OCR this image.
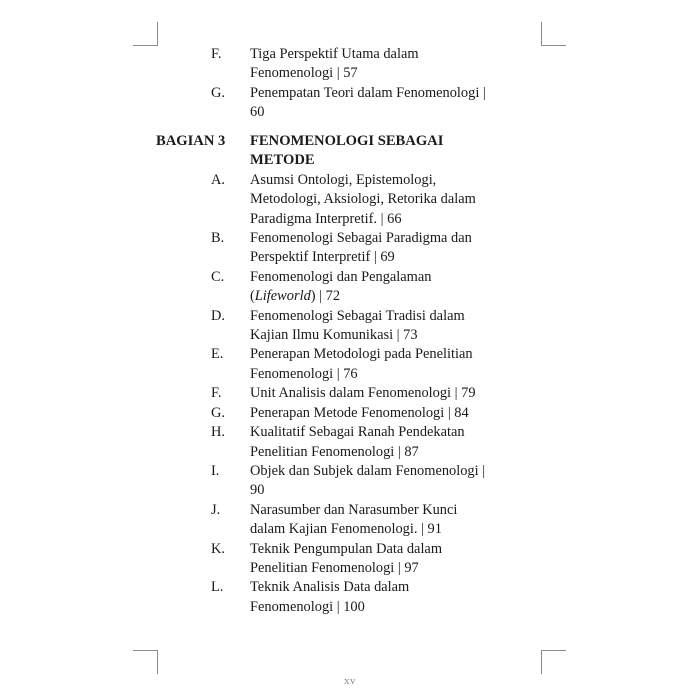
F. Tiga Perspektif Utama dalam Fenomenologi | 57
G. Penempatan Teori dalam Fenomenologi | 60
BAGIAN 3 FENOMENOLOGI SEBAGAI METODE
A. Asumsi Ontologi, Epistemologi, Metodologi, Aksiologi, Retorika dalam Paradigma Interpretif. | 66
B. Fenomenologi Sebagai Paradigma dan Perspektif Interpretif | 69
C. Fenomenologi dan Pengalaman
(Lifeworld) | 72
D. Fenomenologi Sebagai Tradisi dalam Kajian Ilmu Komunikasi | 73
E. Penerapan Metodologi pada Penelitian Fenomenologi | 76
F. Unit Analisis dalam Fenomenologi | 79
G. Penerapan Metode Fenomenologi | 84
H. Kualitatif Sebagai Ranah Pendekatan Penelitian Fenomenologi | 87
I. Objek dan Subjek dalam Fenomenologi | 90
J. Narasumber dan Narasumber Kunci dalam Kajian Fenomenologi. | 91
K. Teknik Pengumpulan Data dalam Penelitian Fenomenologi | 97
L. Teknik Analisis Data dalam Fenomenologi | 100
xv
